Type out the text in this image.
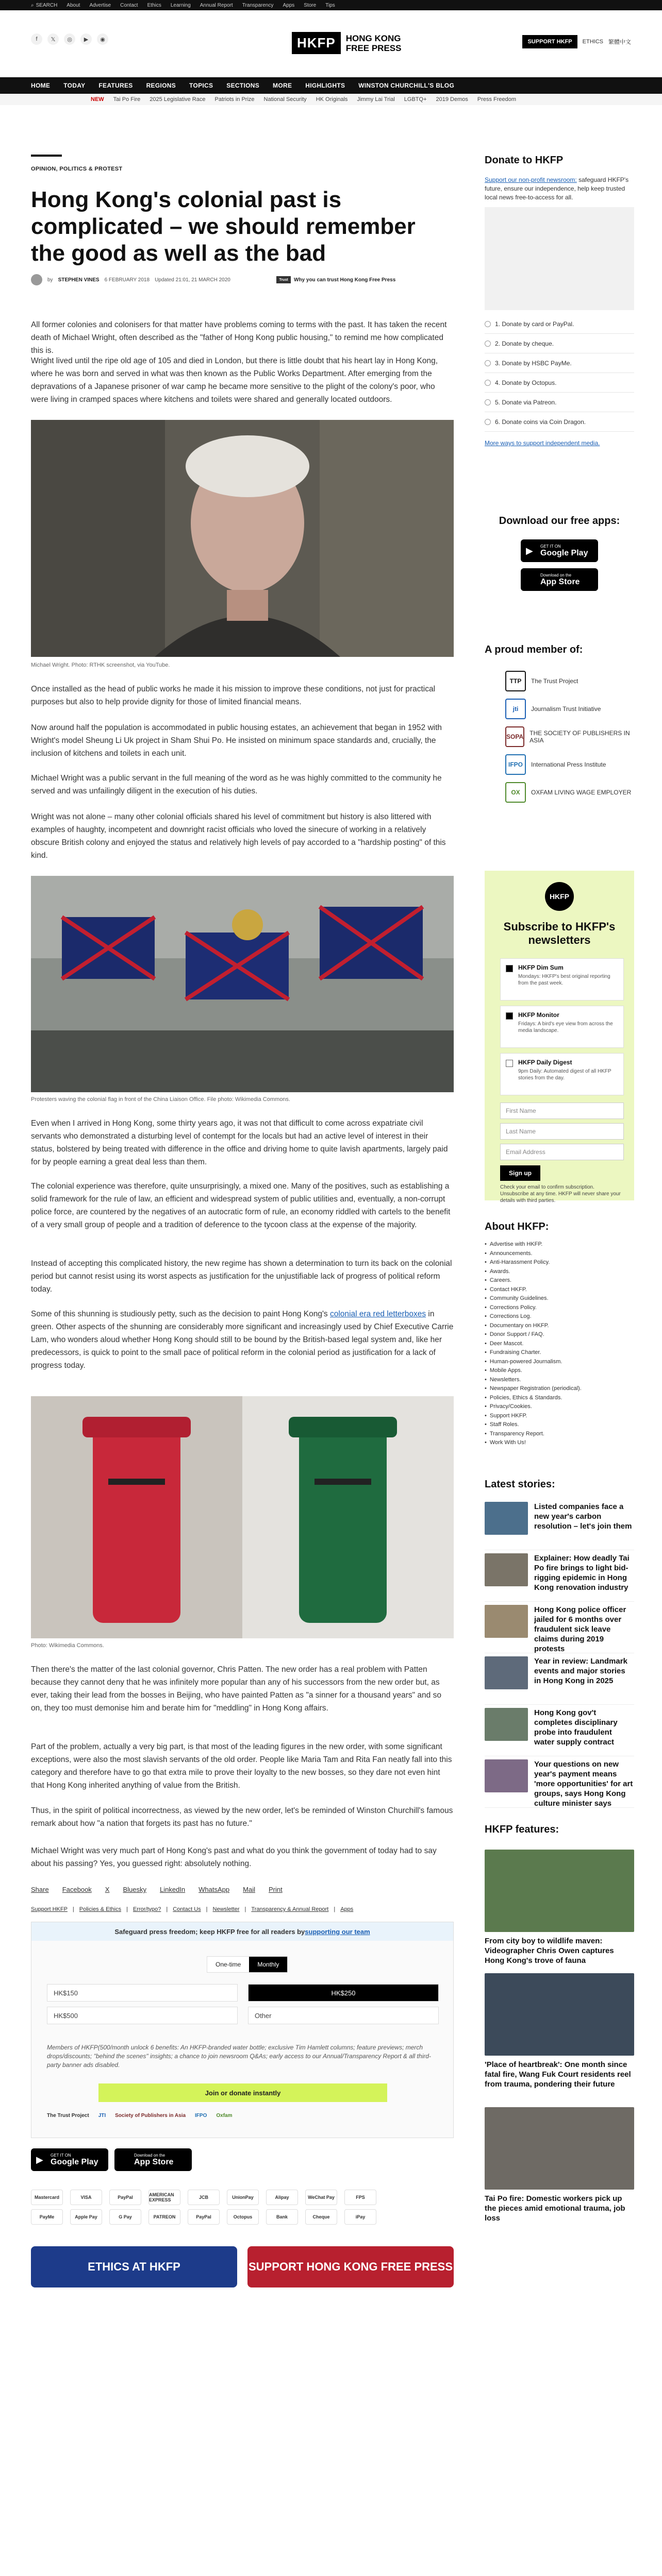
⌕ SEARCH About Advertise Contact Ethics Learning Annual Report Transparency Apps Store Tips
f	𝕏	◎	▶	◉	HKFP	HONG KONG
FREE PRESS
SUPPORT HKFP	ETHICS 繁體中文
HOME TODAY FEATURES REGIONS TOPICS SECTIONS MORE HIGHLIGHTS WINSTON CHURCHILL'S BLOG
NEW Tai Po Fire 2025 Legislative Race Patriots in Prize National Security HK Originals Jimmy Lai Trial LGBTQ+ 2019 Demos Press Freedom
OPINION, POLITICS & PROTEST
Hong Kong's colonial past is complicated – we should remember the good as well as the bad
by STEPHEN VINES 6 FEBRUARY 2018 Updated 21:01, 21 MARCH 2020	Trust	Why you can trust Hong Kong Free Press

All former colonies and colonisers for that matter have problems coming to terms with the past. It has taken the recent death of Michael Wright, often described as the "father of Hong Kong public housing," to remind me how complicated this is.

Wright lived until the ripe old age of 105 and died in London, but there is little doubt that his heart lay in Hong Kong, where he was born and served in what was then known as the Public Works Department. After emerging from the depravations of a Japanese prisoner of war camp he became more sensitive to the plight of the colony's poor, who were living in cramped spaces where kitchens and toilets were shared and generally located outdoors.

Michael Wright. Photo: RTHK screenshot, via YouTube.

Once installed as the head of public works he made it his mission to improve these conditions, not just for practical purposes but also to help provide dignity for those of limited financial means.

Now around half the population is accommodated in public housing estates, an achievement that began in 1952 with Wright's model Sheung Li Uk project in Sham Shui Po. He insisted on minimum space standards and, crucially, the inclusion of kitchens and toilets in each unit.

Michael Wright was a public servant in the full meaning of the word as he was highly committed to the community he served and was unfailingly diligent in the execution of his duties.

Wright was not alone – many other colonial officials shared his level of commitment but history is also littered with examples of haughty, incompetent and downright racist officials who loved the sinecure of working in a relatively obscure British colony and enjoyed the status and relatively high levels of pay accorded to a "hardship posting" of this kind.

Protesters waving the colonial flag in front of the China Liaison Office. File photo: Wikimedia Commons.

Even when I arrived in Hong Kong, some thirty years ago, it was not that difficult to come across expatriate civil servants who demonstrated a disturbing level of contempt for the locals but had an active level of interest in their status, bolstered by being treated with difference in the office and driving home to quite lavish apartments, largely paid for by people earning a great deal less than them.

The colonial experience was therefore, quite unsurprisingly, a mixed one. Many of the positives, such as establishing a solid framework for the rule of law, an efficient and widespread system of public utilities and, eventually, a non-corrupt police force, are countered by the negatives of an autocratic form of rule, an economy riddled with cartels to the benefit of a very small group of people and a tradition of deference to the tycoon class at the expense of the majority.

Instead of accepting this complicated history, the new regime has shown a determination to turn its back on the colonial period but cannot resist using its worst aspects as justification for the unjustifiable lack of progress of political reform today.

Some of this shunning is studiously petty, such as the decision to paint Hong Kong's colonial era red letterboxes in green. Other aspects of the shunning are considerably more significant and increasingly used by Chief Executive Carrie Lam, who wonders aloud whether Hong Kong should still to be bound by the British-based legal system and, like her predecessors, is quick to point to the small pace of political reform in the colonial period as justification for a lack of progress today.

Photo: Wikimedia Commons.

Then there's the matter of the last colonial governor, Chris Patten. The new order has a real problem with Patten because they cannot deny that he was infinitely more popular than any of his successors from the new order but, as ever, taking their lead from the bosses in Beijing, who have painted Patten as "a sinner for a thousand years" and so on, they too must demonise him and berate him for "meddling" in Hong Kong affairs.

Part of the problem, actually a very big part, is that most of the leading figures in the new order, with some significant exceptions, were also the most slavish servants of the old order. People like Maria Tam and Rita Fan neatly fall into this category and therefore have to go that extra mile to prove their loyalty to the new bosses, so they dare not even hint that Hong Kong inherited anything of value from the British.

Thus, in the spirit of political incorrectness, as viewed by the new order, let's be reminded of Winston Churchill's famous remark about how "a nation that forgets its past has no future."

Michael Wright was very much part of Hong Kong's past and what do you think the government of today had to say about his passing? Yes, you guessed right: absolutely nothing.

Share Facebook X Bluesky LinkedIn WhatsApp Mail Print
Support HKFP | Policies & Ethics | Error/typo? | Contact Us | Newsletter | Transparency & Annual Report | Apps
Safeguard press freedom; keep HKFP free for all readers by supporting our team
One-time	Monthly
HK$150	HK$250
HK$500	Other
Members of HKFP(500/month unlock 6 benefits: An HKFP-branded water bottle; exclusive Tim Hamlett columns; feature previews; merch drops/discounts; "behind the scenes" insights; a chance to join newsroom Q&As; early access to our Annual/Transparency Report & all third-party banner ads disabled.
Join or donate instantly
The Trust Project JTI Society of Publishers in Asia IFPO Oxfam
▶	GET IT ON
Google Play
Download on the
App Store
Mastercard	VISA	PayPal	AMERICAN EXPRESS	JCB	UnionPay	Alipay	WeChat Pay	FPS
PayMe	Apple Pay	G Pay	PATREON	PayPal	Octopus	Bank	Cheque	iPay
ETHICS AT HKFP	SUPPORT HONG KONG FREE PRESS
Donate to HKFP

Support our non-profit newsroom: safeguard HKFP's future, ensure our independence, help keep trusted local news free-to-access for all.

1. Donate by card or PayPal.
2. Donate by cheque.
3. Donate by HSBC PayMe.
4. Donate by Octopus.
5. Donate via Patreon.
6. Donate coins via Coin Dragon.

More ways to support independent media.

Download our free apps:
▶	GET IT ON
Google Play
Download on the
App Store
A proud member of:
TTP	The Trust Project
jti	Journalism Trust Initiative
SOPA THE SOCIETY OF PUBLISHERS IN ASIA
IFPO	International Press Institute
OX	OXFAM LIVING WAGE EMPLOYER
HKFP
Subscribe to HKFP's newsletters
HKFP Dim Sum
Mondays: HKFP's best original reporting from the past week.
HKFP Monitor
Fridays: A bird's eye view from across the media landscape.
HKFP Daily Digest
9pm Daily: Automated digest of all HKFP stories from the day.
First Name
Last Name
Email Address
Sign up
Check your email to confirm subscription. Unsubscribe at any time. HKFP will never share your details with third parties.
About HKFP:
• Advertise with HKFP.
• Announcements.
• Anti-Harassment Policy.
• Awards.
• Careers.
• Contact HKFP.
• Community Guidelines.
• Corrections Policy.
• Corrections Log.
• Documentary on HKFP.
• Donor Support / FAQ.
• Deer Mascot.
• Fundraising Charter.
• Human-powered Journalism.
• Mobile Apps.
• Newsletters.
• Newspaper Registration (periodical).
• Policies, Ethics & Standards.
• Privacy/Cookies.
• Support HKFP.
• Staff Roles.
• Transparency Report.
• Work With Us!
Latest stories:
Listed companies face a new year's carbon resolution – let's join them
Explainer: How deadly Tai Po fire brings to light bid-rigging epidemic in Hong Kong renovation industry
Hong Kong police officer jailed for 6 months over fraudulent sick leave claims during 2019 protests
Year in review: Landmark events and major stories in Hong Kong in 2025
Hong Kong gov't completes disciplinary probe into fraudulent water supply contract
Your questions on new year's payment means 'more opportunities' for art groups, says Hong Kong culture minister says
HKFP features:
From city boy to wildlife maven: Videographer Chris Owen captures Hong Kong's trove of fauna
'Place of heartbreak': One month since fatal fire, Wang Fuk Court residents reel from trauma, pondering their future
Tai Po fire: Domestic workers pick up the pieces amid emotional trauma, job loss
